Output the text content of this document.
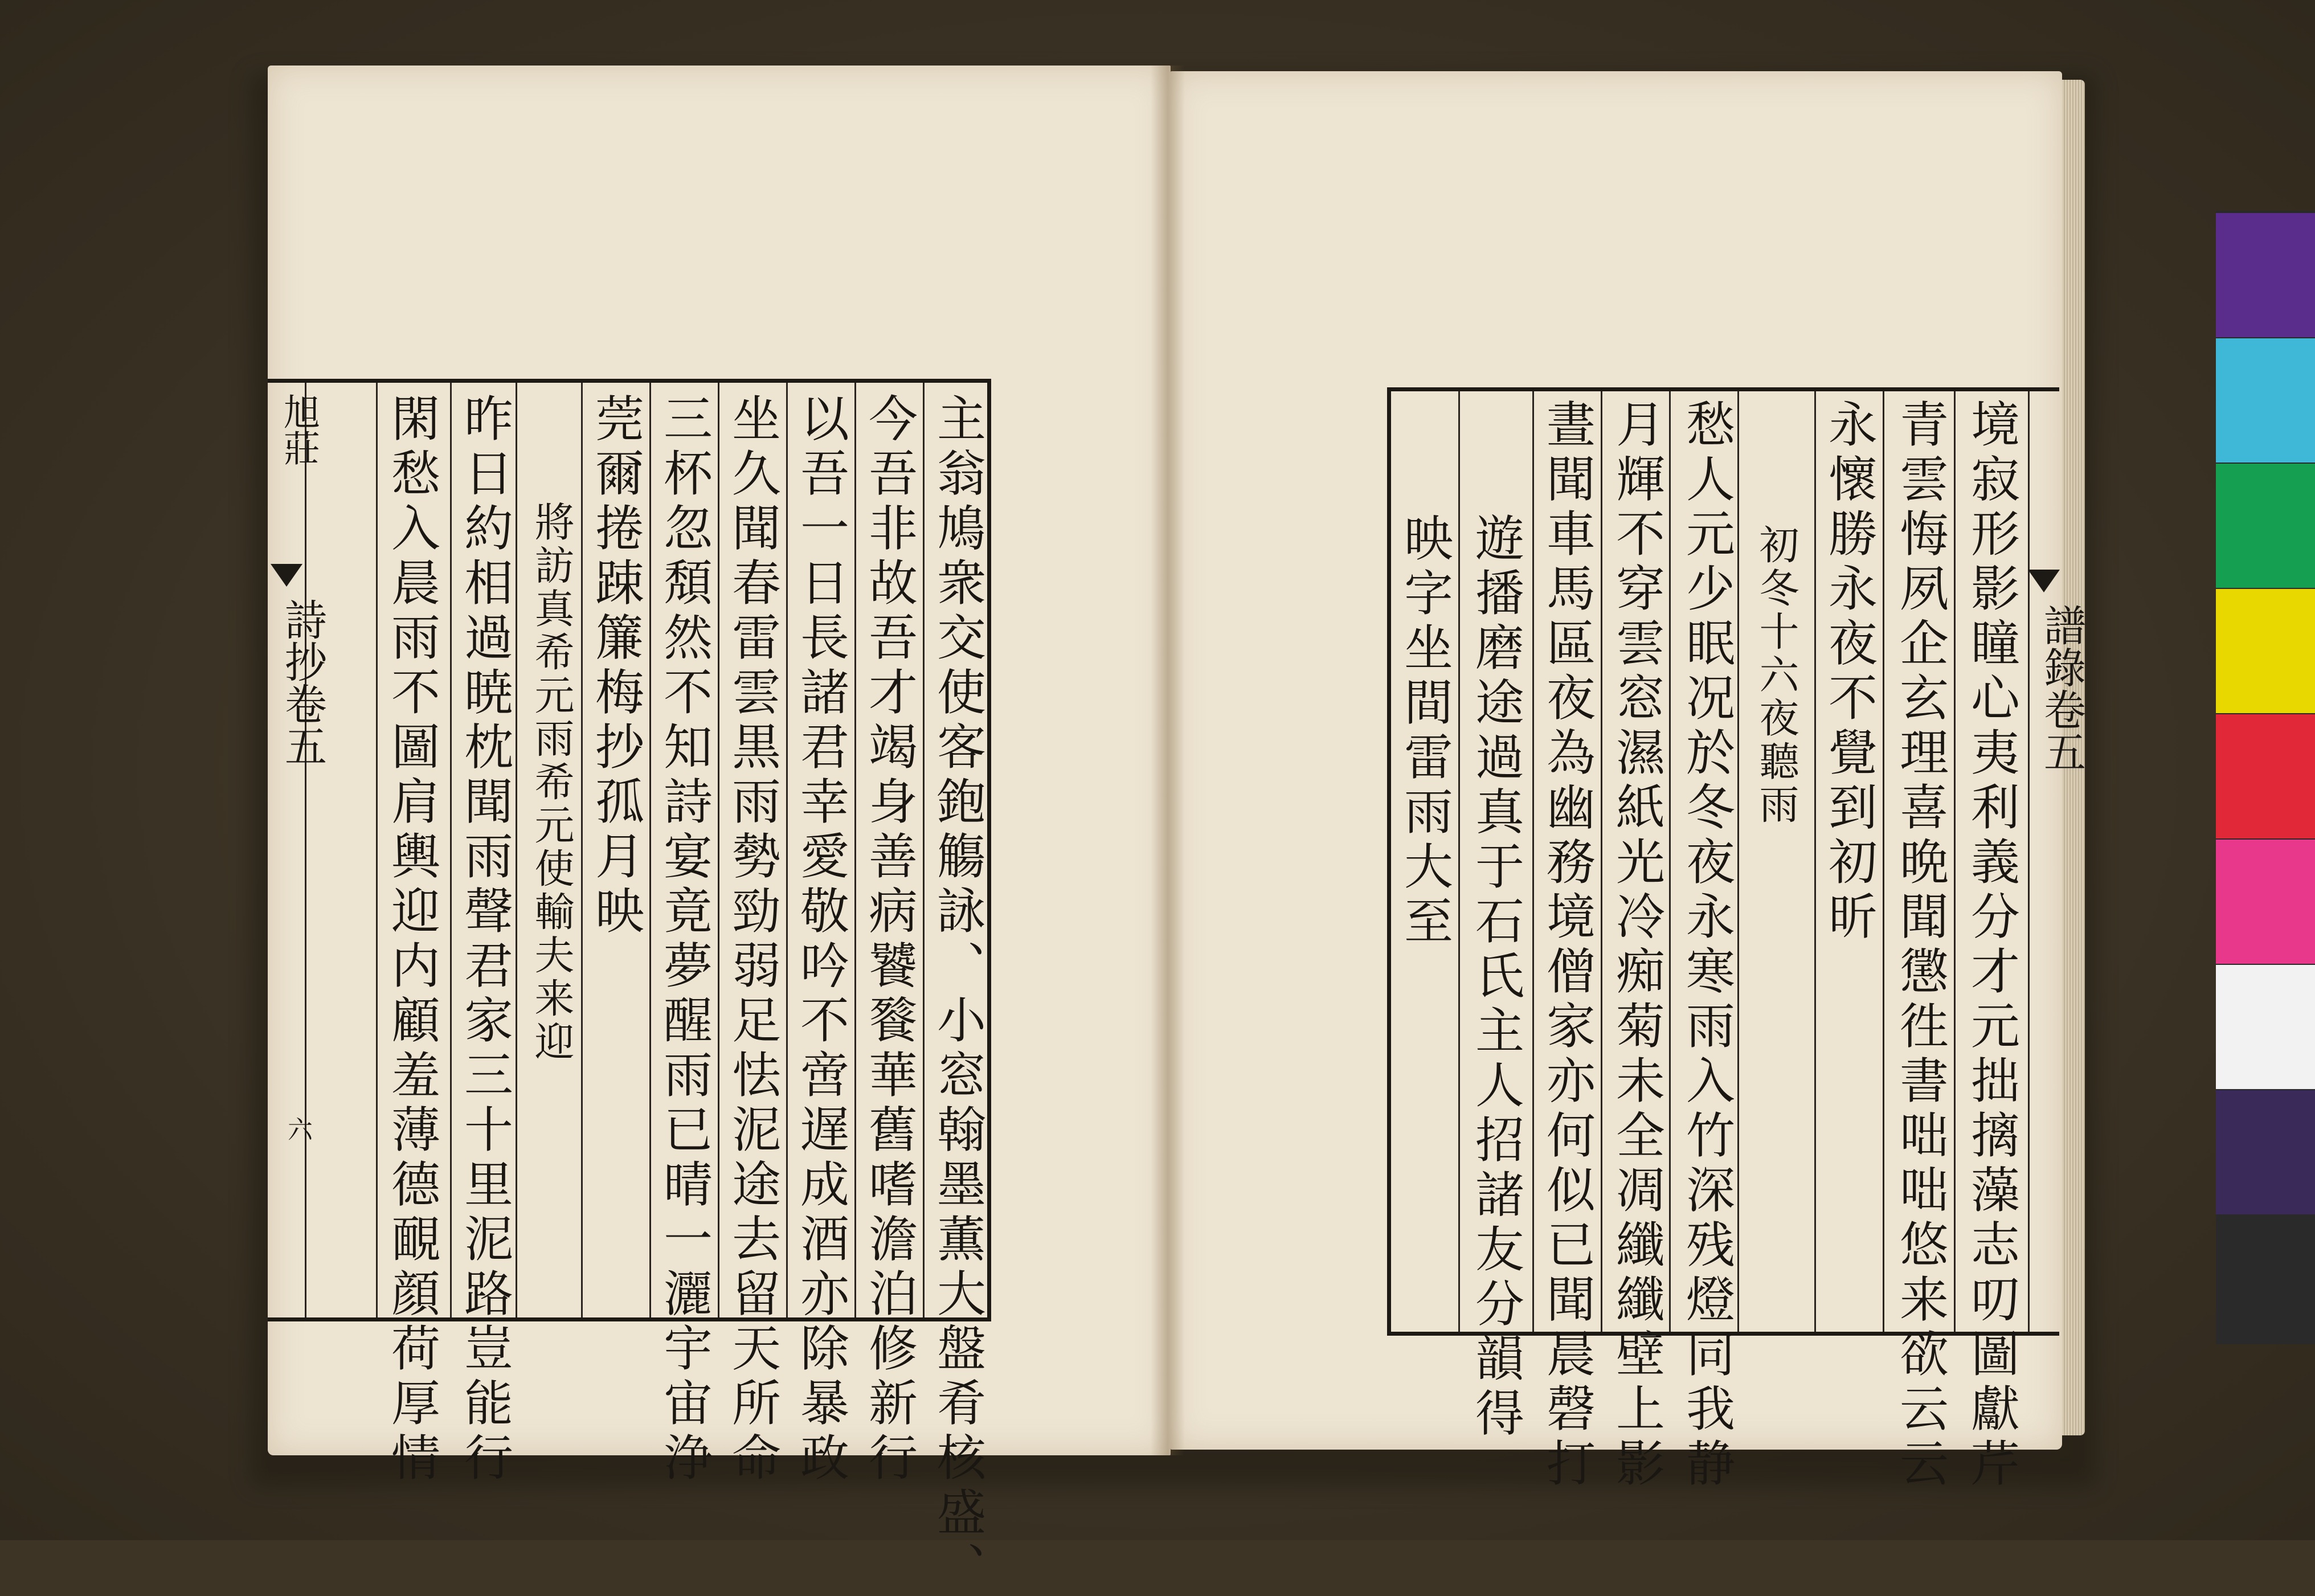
旭莊
詩抄卷五
六	主翁鳩衆交使客鉋觴詠、小窓翰墨薫大盤肴核盛、
今吾非故吾才竭身善病饕餮華舊嗜澹泊修新行
以吾一日長諸君幸愛敬吟不啻遅成酒亦除暴政
坐久聞春雷雲黒雨勢勁弱足怯泥途去留天所命
三杯忽頽然不知詩宴竟夢醒雨已晴一灑宇宙浄
莞爾捲踈簾梅抄孤月映
將訪真希元雨希元使輸夫来迎
昨日約相過暁枕聞雨聲君家三十里泥路豈能行
閑愁入晨雨不圖肩輿迎内顧羞薄德靦顔荷厚情	譜錄卷五
境寂形影瞳心夷利義分才元拙摛藻志叨圖獻芹
青雲悔夙企玄理喜晩聞懲徃書咄咄悠来欲云云
永懷勝永夜不覺到初昕
初冬十六夜聽雨
愁人元少眠况於冬夜永寒雨入竹深残燈同我静
月輝不穿雲窓濕紙光冷痴菊未全凋纖纖壁上影
晝聞車馬區夜為幽務境僧家亦何似已聞晨磬打
遊播磨途過真于石氏主人招諸友分韻得
映字坐間雷雨大至
